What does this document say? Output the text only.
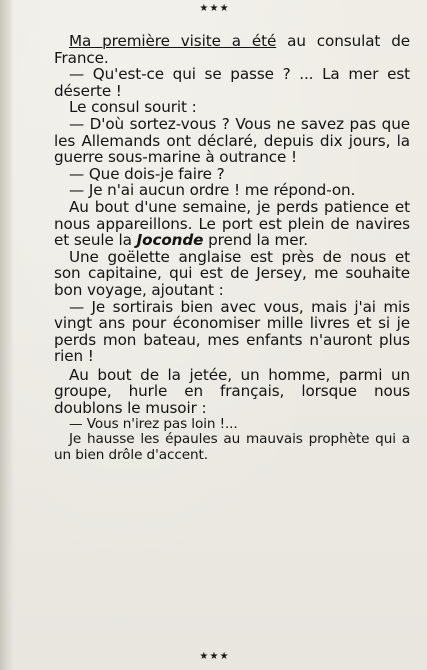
★ ★ ★

Ma première visite a été au consulat de France.

— Qu'est-ce qui se passe ? ... La mer est déserte !

Le consul sourit :

— D'où sortez-vous ? Vous ne savez pas que les Allemands ont déclaré, depuis dix jours, la guerre sous-marine à outrance !

— Que dois-je faire ?

— Je n'ai aucun ordre ! me répond-on.

Au bout d'une semaine, je perds patience et nous appareillons. Le port est plein de navires et seule la Joconde prend la mer.

Une goëlette anglaise est près de nous et son capitaine, qui est de Jersey, me souhaite bon voyage, ajoutant :

— Je sortirais bien avec vous, mais j'ai mis vingt ans pour économiser mille livres et si je perds mon bateau, mes enfants n'auront plus rien !

Au bout de la jetée, un homme, parmi un groupe, hurle en français, lorsque nous doublons le musoir :

— Vous n'irez pas loin !...

Je hausse les épaules au mauvais prophète qui a un bien drôle d'accent.

★ ★ ★
